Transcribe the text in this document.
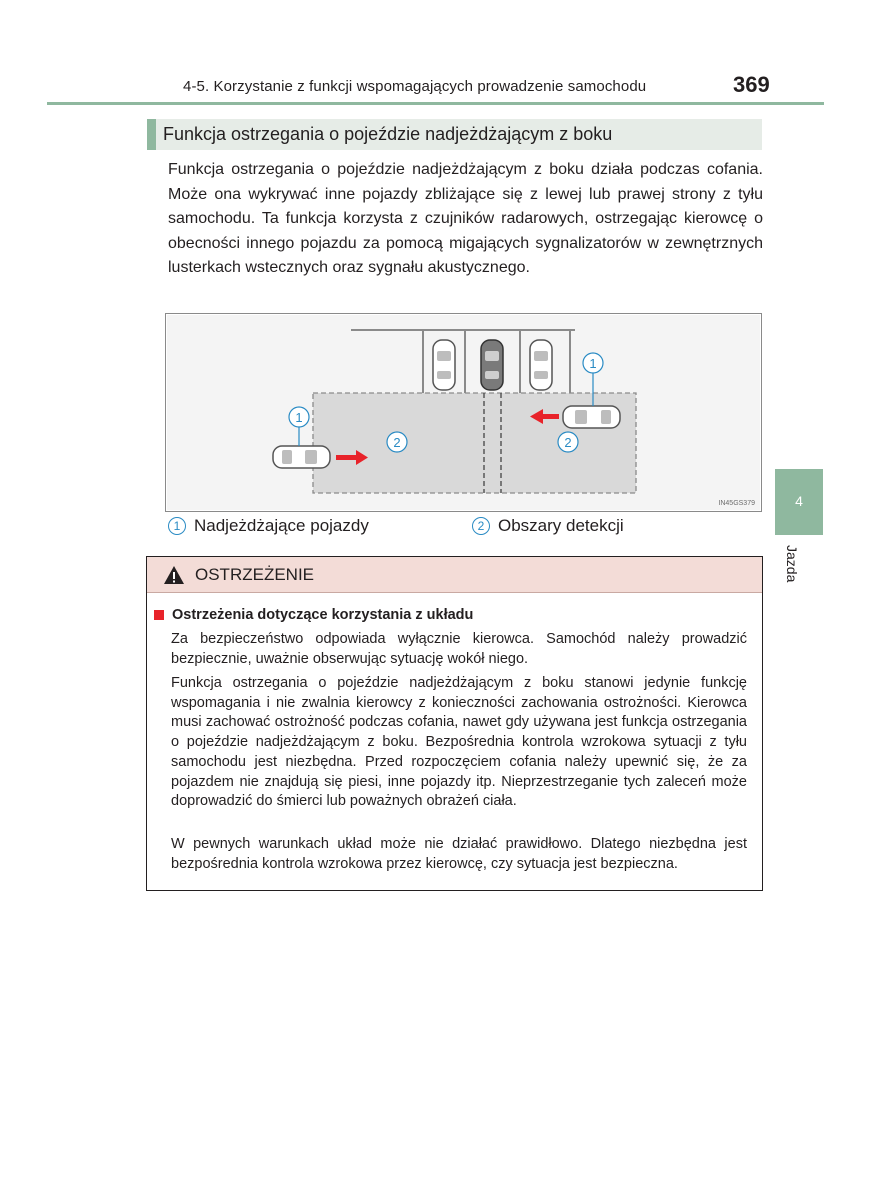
4-5. Korzystanie z funkcji wspomagających prowadzenie samochodu	369
Funkcja ostrzegania o pojeździe nadjeżdżającym z boku
Funkcja ostrzegania o pojeździe nadjeżdżającym z boku działa podczas cofania. Może ona wykrywać inne pojazdy zbliżające się z lewej lub prawej strony z tyłu samochodu. Ta funkcja korzysta z czujników radarowych, ostrzegając kierowcę o obecności innego pojazdu za pomocą migających sygnalizatorów w zewnętrznych lusterkach wstecznych oraz sygnału akustycznego.
1
1
2	2
IN45GS379
1 Nadjeżdżające pojazdy	2 Obszary detekcji
OSTRZEŻENIE
Ostrzeżenia dotyczące korzystania z układu
Za bezpieczeństwo odpowiada wyłącznie kierowca. Samochód należy prowadzić bezpiecznie, uważnie obserwując sytuację wokół niego.
Funkcja ostrzegania o pojeździe nadjeżdżającym z boku stanowi jedynie funkcję wspomagania i nie zwalnia kierowcy z konieczności zachowania ostrożności. Kierowca musi zachować ostrożność podczas cofania, nawet gdy używana jest funkcja ostrzegania o pojeździe nadjeżdżającym z boku. Bezpośrednia kontrola wzrokowa sytuacji z tyłu samochodu jest niezbędna. Przed rozpoczęciem cofania należy upewnić się, że za pojazdem nie znajdują się piesi, inne pojazdy itp. Nieprzestrzeganie tych zaleceń może doprowadzić do śmierci lub poważnych obrażeń ciała.
W pewnych warunkach układ może nie działać prawidłowo. Dlatego niezbędna jest bezpośrednia kontrola wzrokowa przez kierowcę, czy sytuacja jest bezpieczna.
4
Jazda
